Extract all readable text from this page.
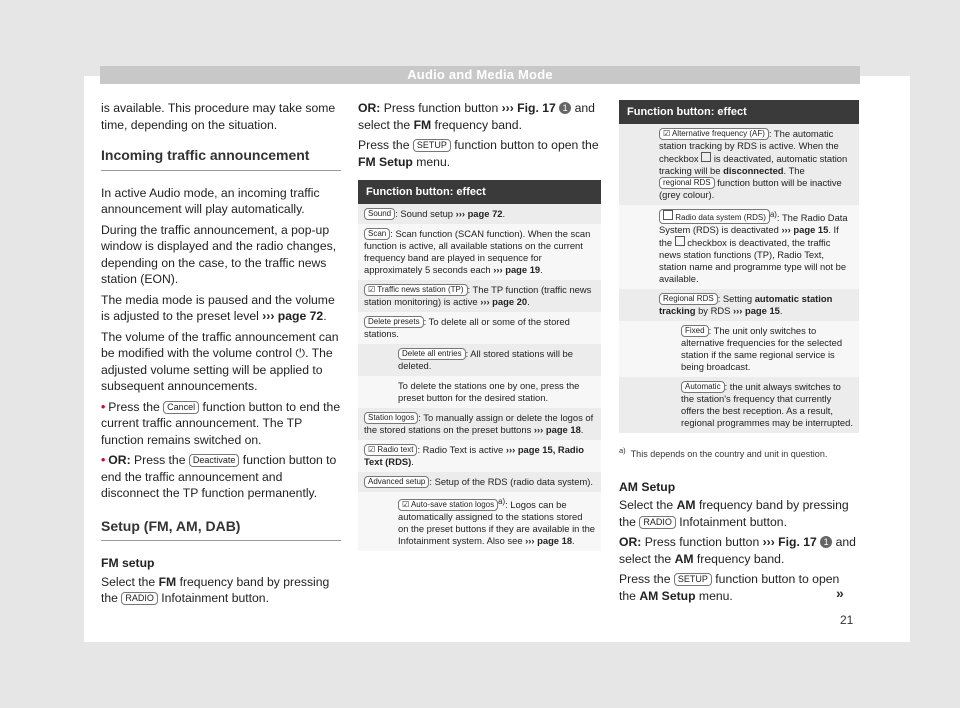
Audio and Media Mode

is available. This procedure may take some time, depending on the situation.

Incoming traffic announcement

In active Audio mode, an incoming traffic announcement will play automatically.

During the traffic announcement, a pop-up window is displayed and the radio changes, depending on the case, to the traffic news station (EON).

The media mode is paused and the volume is adjusted to the preset level ››› page 72.

The volume of the traffic announcement can be modified with the volume control ⏻. The adjusted volume setting will be applied to subsequent announcements.

• Press the Cancel function button to end the current traffic announcement. The TP function remains switched on.

• OR: Press the Deactivate function button to end the traffic announcement and disconnect the TP function permanently.

Setup (FM, AM, DAB)

FM setup

Select the FM frequency band by pressing the RADIO Infotainment button.

OR: Press function button ››› Fig. 17 1 and select the FM frequency band.

Press the SETUP function button to open the FM Setup menu.

Function button: effect	
Sound : Sound setup ››› page 72.	
Scan : Scan function (SCAN function). When the scan function is active, all available stations on the current frequency band are played in sequence for approximately 5 seconds each ››› page 19.	
☑ Traffic news station (TP) : The TP function (traffic news station monitoring) is active ››› page 20.	
Delete presets : To delete all or some of the stored stations.	
	Delete all entries : All stored stations will be deleted.
	To delete the stations one by one, press the preset button for the desired station.
Station logos : To manually assign or delete the logos of the stored stations on the preset buttons ››› page 18.	
☑ Radio text : Radio Text is active ››› page 15, Radio Text (RDS).	
Advanced setup : Setup of the RDS (radio data system).	
	☑ Auto-save station logos $^{a)}$: Logos can be automatically assigned to the stations stored on the preset buttons if they are available in the Infotainment system. Also see ››› page 18.
Function button: effect		
	☑ Alternative frequency (AF) : The automatic station tracking by RDS is active. When the checkbox  is deactivated, automatic station tracking will be disconnected. The regional RDS function button will be inactive (grey colour).	
	Radio data system (RDS) $^{a)}$: The Radio Data System (RDS) is deactivated ››› page 15. If the  checkbox is deactivated, the traffic news station functions (TP), Radio Text, station name and programme type will not be available.	
	Regional RDS : Setting automatic station tracking by RDS ››› page 15.	
		Fixed : The unit only switches to alternative frequencies for the selected station if the same regional service is being broadcast.
		Automatic : the unit always switches to the station's frequency that currently offers the best reception. As a result, regional programmes may be interrupted.
$^{a)}$ This depends on the country and unit in question.

AM Setup

Select the AM frequency band by pressing the RADIO Infotainment button.

OR: Press function button ››› Fig. 17 1 and select the AM frequency band.

Press the SETUP function button to open the AM Setup menu.	»
21
